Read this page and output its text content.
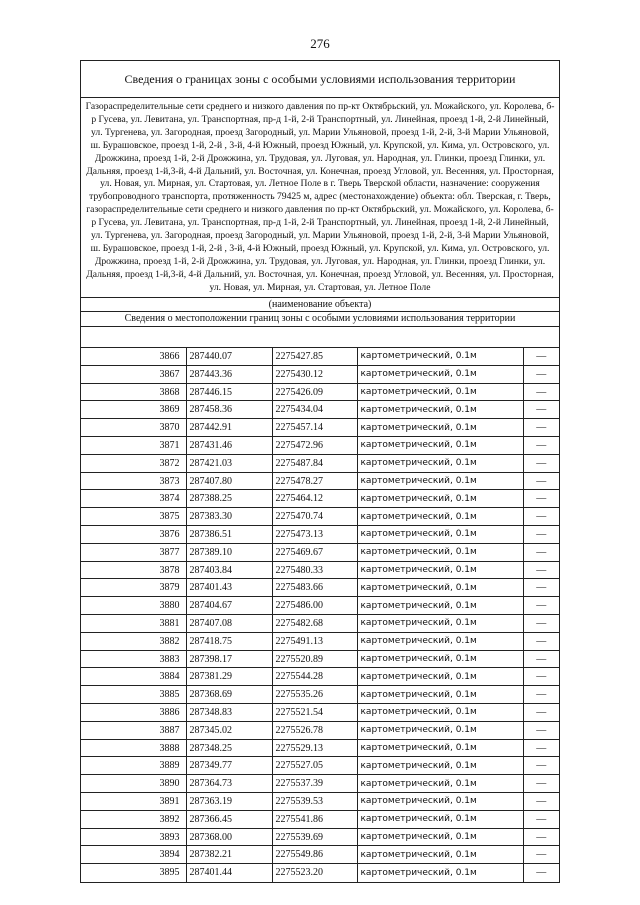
276
Сведения о границах зоны с особыми условиями использования территории
Газораспределительные сети среднего и низкого давления по пр-кт Октябрьский, ул. Можайского, ул. Королева, б-р Гусева, ул. Левитана, ул. Транспортная, пр-д 1-й, 2-й Транспортный, ул. Линейная, проезд 1-й, 2-й Линейный, ул. Тургенева, ул. Загородная, проезд Загородный, ул. Марии Ульяновой, проезд 1-й, 2-й, 3-й Марии Ульяновой, ш. Бурашовское, проезд 1-й, 2-й , 3-й, 4-й Южный, проезд Южный, ул. Крупской, ул. Кима, ул. Островского, ул. Дрожжина, проезд 1-й, 2-й Дрожжина, ул. Трудовая, ул. Луговая, ул. Народная, ул. Глинки, проезд Глинки, ул. Дальняя, проезд 1-й,3-й, 4-й Дальний, ул. Восточная, ул. Конечная, проезд Угловой, ул. Весенняя, ул. Просторная, ул. Новая, ул. Мирная, ул. Стартовая, ул. Летное Поле в г. Тверь Тверской области, назначение: сооружения трубопроводного транспорта, протяженность 79425 м, адрес (местонахождение) объекта: обл. Тверская, г. Тверь, газораспределительные сети среднего и низкого давления по пр-кт Октябрьский, ул. Можайского, ул. Королева, б-р Гусева, ул. Левитана, ул. Транспортная, пр-д 1-й, 2-й Транспортный, ул. Линейная, проезд 1-й, 2-й Линейный, ул. Тургенева, ул. Загородная, проезд Загородный, ул. Марии Ульяновой, проезд 1-й, 2-й, 3-й Марии Ульяновой, ш. Бурашовское, проезд 1-й, 2-й , 3-й, 4-й Южный, проезд Южный, ул. Крупской, ул. Кима, ул. Островского, ул. Дрожжина, проезд 1-й, 2-й Дрожжина, ул. Трудовая, ул. Луговая, ул. Народная, ул. Глинки, проезд Глинки, ул. Дальняя, проезд 1-й,3-й, 4-й Дальний, ул. Восточная, ул. Конечная, проезд Угловой, ул. Весенняя, ул. Просторная, ул. Новая, ул. Мирная, ул. Стартовая, ул. Летное Поле
(наименование объекта)
Сведения о местоположении границ зоны с особыми условиями использования территории
3866	287440.07	2275427.85	картометрический, 0.1м	—
3867	287443.36	2275430.12	картометрический, 0.1м	—
3868	287446.15	2275426.09	картометрический, 0.1м	—
3869	287458.36	2275434.04	картометрический, 0.1м	—
3870	287442.91	2275457.14	картометрический, 0.1м	—
3871	287431.46	2275472.96	картометрический, 0.1м	—
3872	287421.03	2275487.84	картометрический, 0.1м	—
3873	287407.80	2275478.27	картометрический, 0.1м	—
3874	287388.25	2275464.12	картометрический, 0.1м	—
3875	287383.30	2275470.74	картометрический, 0.1м	—
3876	287386.51	2275473.13	картометрический, 0.1м	—
3877	287389.10	2275469.67	картометрический, 0.1м	—
3878	287403.84	2275480.33	картометрический, 0.1м	—
3879	287401.43	2275483.66	картометрический, 0.1м	—
3880	287404.67	2275486.00	картометрический, 0.1м	—
3881	287407.08	2275482.68	картометрический, 0.1м	—
3882	287418.75	2275491.13	картометрический, 0.1м	—
3883	287398.17	2275520.89	картометрический, 0.1м	—
3884	287381.29	2275544.28	картометрический, 0.1м	—
3885	287368.69	2275535.26	картометрический, 0.1м	—
3886	287348.83	2275521.54	картометрический, 0.1м	—
3887	287345.02	2275526.78	картометрический, 0.1м	—
3888	287348.25	2275529.13	картометрический, 0.1м	—
3889	287349.77	2275527.05	картометрический, 0.1м	—
3890	287364.73	2275537.39	картометрический, 0.1м	—
3891	287363.19	2275539.53	картометрический, 0.1м	—
3892	287366.45	2275541.86	картометрический, 0.1м	—
3893	287368.00	2275539.69	картометрический, 0.1м	—
3894	287382.21	2275549.86	картометрический, 0.1м	—
3895	287401.44	2275523.20	картометрический, 0.1м	—
